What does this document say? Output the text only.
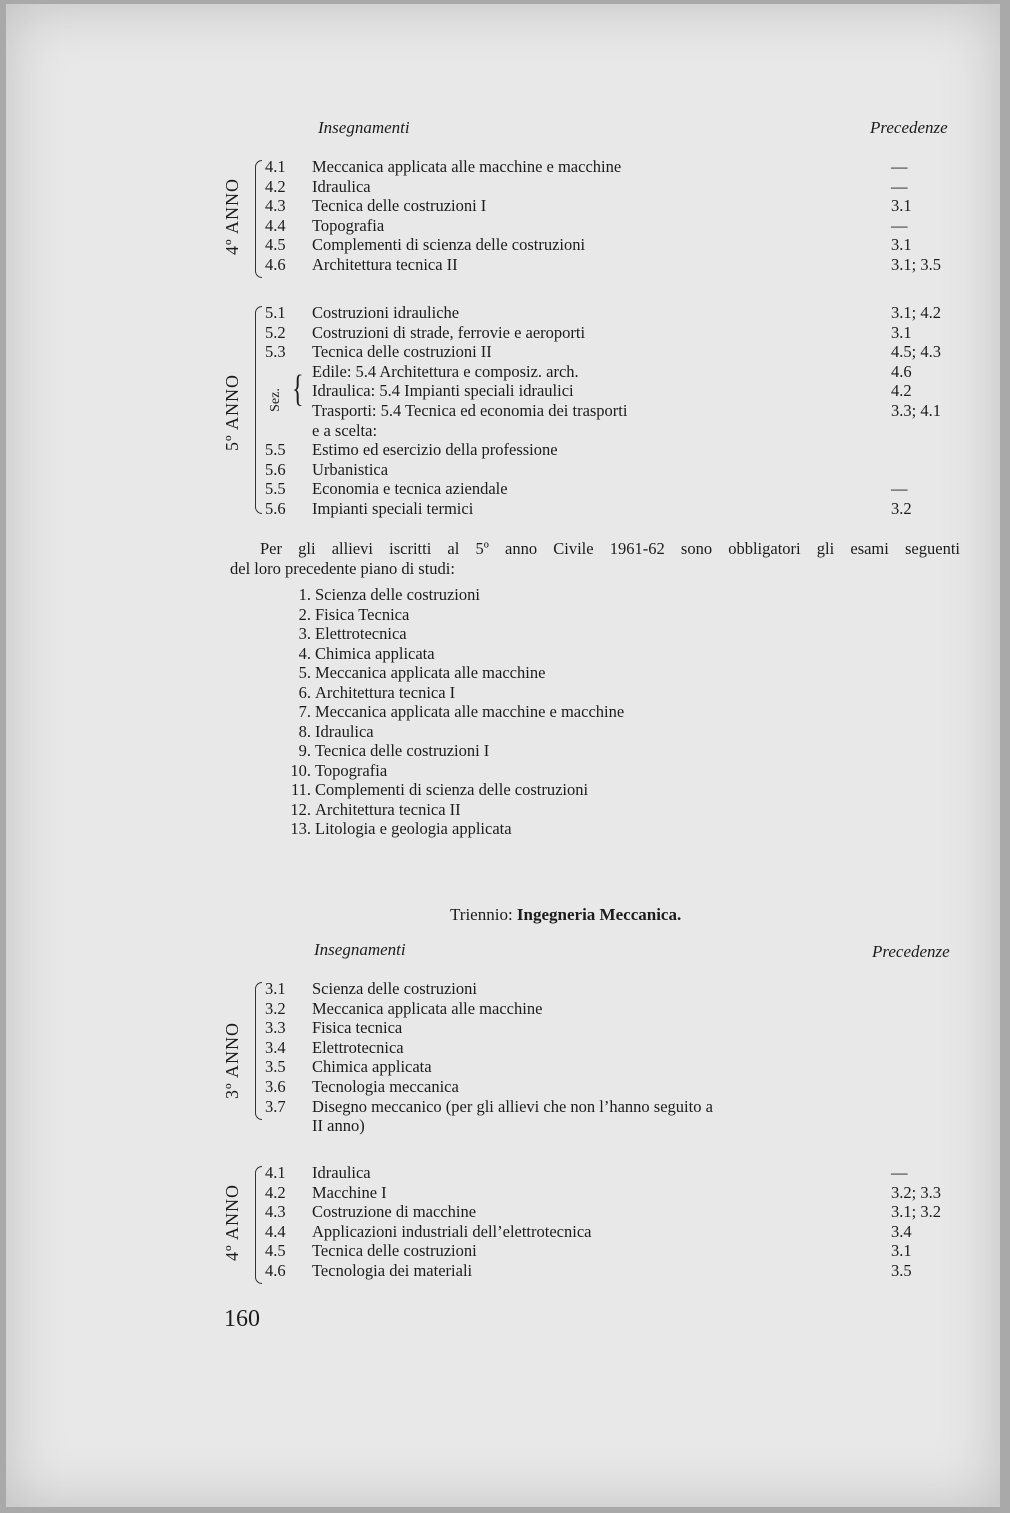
Insegnamenti	Precedenze
4º ANNO
4.1 Meccanica applicata alle macchine e macchine	—
4.2 Idraulica	—
4.3 Tecnica delle costruzioni I	3.1
4.4 Topografia	—
4.5 Complementi di scienza delle costruzioni	3.1
4.6 Architettura tecnica II	3.1; 3.5
5º ANNO Sez. {
5.1 Costruzioni idrauliche	3.1; 4.2
5.2 Costruzioni di strade, ferrovie e aeroporti	3.1
5.3 Tecnica delle costruzioni II	4.5; 4.3
Edile: 5.4 Architettura e composiz. arch.	4.6
Idraulica: 5.4 Impianti speciali idraulici	4.2
Trasporti: 5.4 Tecnica ed economia dei trasporti	3.3; 4.1
e a scelta:
5.5 Estimo ed esercizio della professione
5.6 Urbanistica
5.5 Economia e tecnica aziendale	—
5.6 Impianti speciali termici	3.2
Per gli allievi iscritti al 5º anno Civile 1961-62 sono obbligatori gli esami seguenti
del loro precedente piano di studi:
1. Scienza delle costruzioni
2. Fisica Tecnica
3. Elettrotecnica
4. Chimica applicata
5. Meccanica applicata alle macchine
6. Architettura tecnica I
7. Meccanica applicata alle macchine e macchine
8. Idraulica
9. Tecnica delle costruzioni I
10. Topografia
11. Complementi di scienza delle costruzioni
12. Architettura tecnica II
13. Litologia e geologia applicata
Triennio: Ingegneria Meccanica.
Insegnamenti	Precedenze
3º ANNO
3.1 Scienza delle costruzioni
3.2 Meccanica applicata alle macchine
3.3 Fisica tecnica
3.4 Elettrotecnica
3.5 Chimica applicata
3.6 Tecnologia meccanica
3.7 Disegno meccanico (per gli allievi che non l’hanno seguito a
II anno)
4º ANNO
4.1 Idraulica	—
4.2 Macchine I	3.2; 3.3
4.3 Costruzione di macchine	3.1; 3.2
4.4 Applicazioni industriali dell’elettrotecnica	3.4
4.5 Tecnica delle costruzioni	3.1
4.6 Tecnologia dei materiali	3.5
160
